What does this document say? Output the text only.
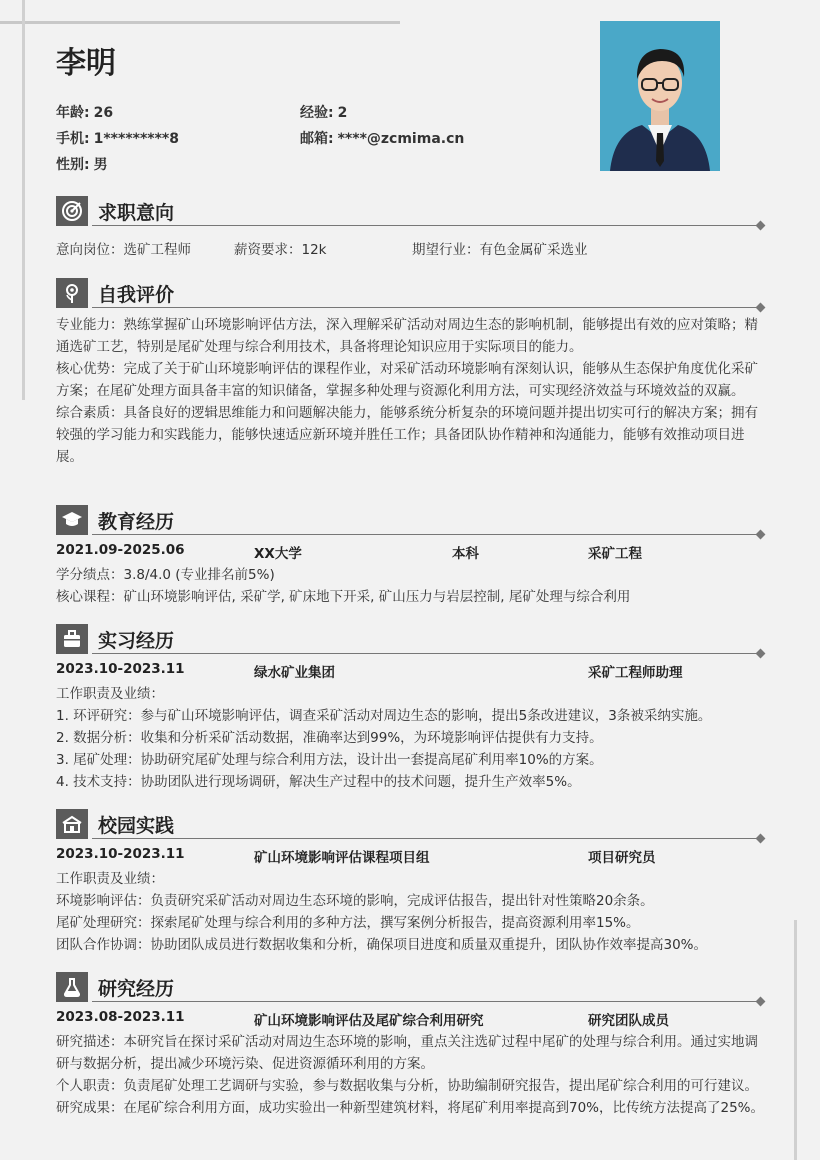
李明
年龄: 26	经验: 2
手机: 1*********8	邮箱: ****@zcmima.cn
性别: 男
求职意向
意向岗位：选矿工程师	薪资要求：12k	期望行业：有色金属矿采选业
自我评价

专业能力：熟练掌握矿山环境影响评估方法，深入理解采矿活动对周边生态的影响机制，能够提出有效的应对策略；精通选矿工艺，特别是尾矿处理与综合利用技术，具备将理论知识应用于实际项目的能力。

核心优势：完成了关于矿山环境影响评估的课程作业，对采矿活动环境影响有深刻认识，能够从生态保护角度优化采矿方案；在尾矿处理方面具备丰富的知识储备，掌握多种处理与资源化利用方法，可实现经济效益与环境效益的双赢。

综合素质：具备良好的逻辑思维能力和问题解决能力，能够系统分析复杂的环境问题并提出切实可行的解决方案；拥有较强的学习能力和实践能力，能够快速适应新环境并胜任工作；具备团队协作精神和沟通能力，能够有效推动项目进展。

教育经历
2021.09-2025.06	XX大学	本科	采矿工程

学分绩点：3.8/4.0 (专业排名前5%)

核心课程：矿山环境影响评估, 采矿学, 矿床地下开采, 矿山压力与岩层控制, 尾矿处理与综合利用

实习经历
2023.10-2023.11	绿水矿业集团	采矿工程师助理

工作职责及业绩：

1. 环评研究：参与矿山环境影响评估，调查采矿活动对周边生态的影响，提出5条改进建议，3条被采纳实施。

2. 数据分析：收集和分析采矿活动数据，准确率达到99%，为环境影响评估提供有力支持。

3. 尾矿处理：协助研究尾矿处理与综合利用方法，设计出一套提高尾矿利用率10%的方案。

4. 技术支持：协助团队进行现场调研，解决生产过程中的技术问题，提升生产效率5%。

校园实践
2023.10-2023.11	矿山环境影响评估课程项目组	项目研究员

工作职责及业绩：

环境影响评估：负责研究采矿活动对周边生态环境的影响，完成评估报告，提出针对性策略20余条。

尾矿处理研究：探索尾矿处理与综合利用的多种方法，撰写案例分析报告，提高资源利用率15%。

团队合作协调：协助团队成员进行数据收集和分析，确保项目进度和质量双重提升，团队协作效率提高30%。

研究经历
2023.08-2023.11	矿山环境影响评估及尾矿综合利用研究	研究团队成员

研究描述：本研究旨在探讨采矿活动对周边生态环境的影响，重点关注选矿过程中尾矿的处理与综合利用。通过实地调研与数据分析，提出减少环境污染、促进资源循环利用的方案。

个人职责：负责尾矿处理工艺调研与实验，参与数据收集与分析，协助编制研究报告，提出尾矿综合利用的可行建议。

研究成果：在尾矿综合利用方面，成功实验出一种新型建筑材料，将尾矿利用率提高到70%，比传统方法提高了25%。
